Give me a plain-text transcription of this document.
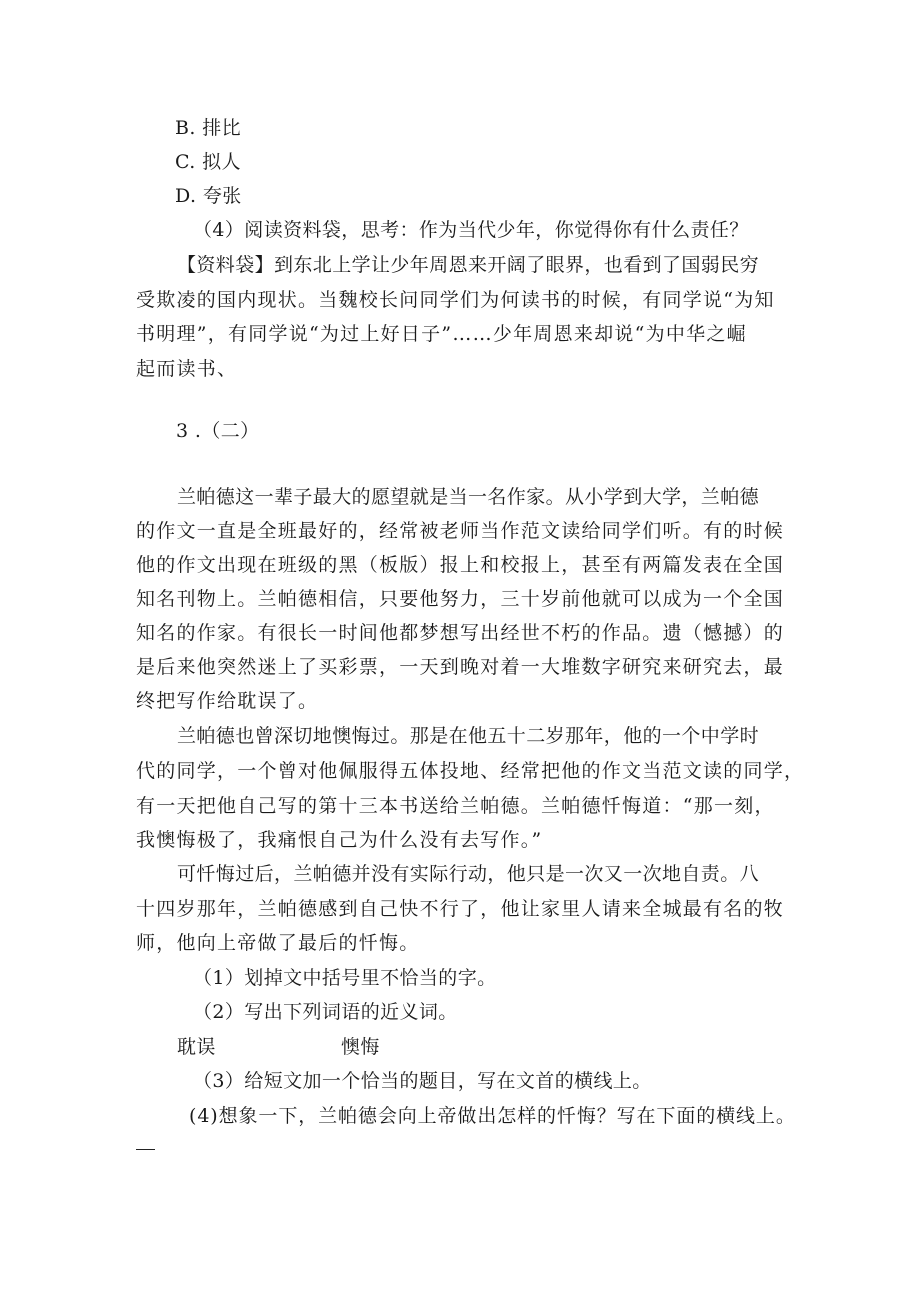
B. 排比
C. 拟人
D. 夸张
（4）阅读资料袋，思考：作为当代少年，你觉得你有什么责任？
【资料袋】到东北上学让少年周恩来开阔了眼界，也看到了国弱民穷
受欺凌的国内现状。当魏校长问同学们为何读书的时候，有同学说“为知
书明理”，有同学说“为过上好日子”……少年周恩来却说“为中华之崛
起而读书、
3 .（二）
兰帕德这一辈子最大的愿望就是当一名作家。从小学到大学，兰帕德
的作文一直是全班最好的，经常被老师当作范文读给同学们听。有的时候
他的作文出现在班级的黑（板版）报上和校报上，甚至有两篇发表在全国
知名刊物上。兰帕德相信，只要他努力，三十岁前他就可以成为一个全国
知名的作家。有很长一时间他都梦想写出经世不朽的作品。遗（憾撼）的
是后来他突然迷上了买彩票，一天到晚对着一大堆数字研究来研究去，最
终把写作给耽误了。
兰帕德也曾深切地懊悔过。那是在他五十二岁那年，他的一个中学时
代的同学，一个曾对他佩服得五体投地、经常把他的作文当范文读的同学，
有一天把他自己写的第十三本书送给兰帕德。兰帕德忏悔道：“那一刻，
我懊悔极了，我痛恨自己为什么没有去写作。”
可忏悔过后，兰帕德并没有实际行动，他只是一次又一次地自责。八
十四岁那年，兰帕德感到自己快不行了，他让家里人请来全城最有名的牧
师，他向上帝做了最后的忏悔。
（1）划掉文中括号里不恰当的字。
（2）写出下列词语的近义词。
耽误	懊悔
（3）给短文加一个恰当的题目，写在文首的横线上。
(4)想象一下，兰帕德会向上帝做出怎样的忏悔？写在下面的横线上。
